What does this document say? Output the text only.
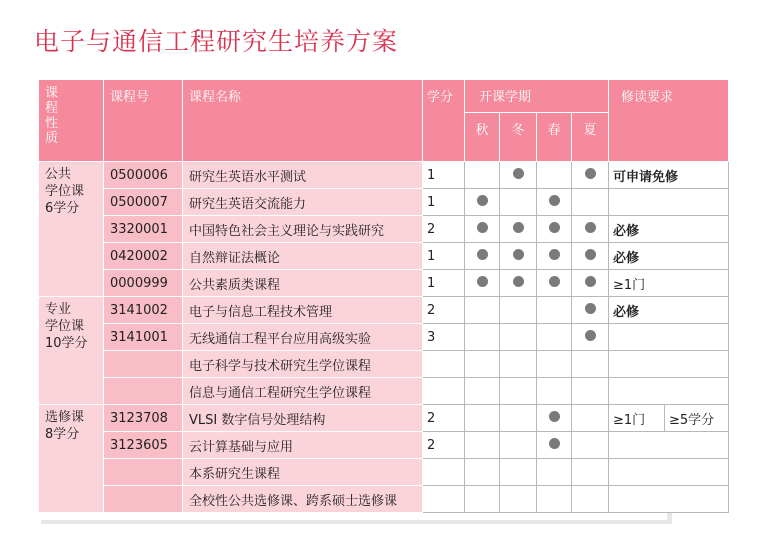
电子与通信工程研究生培养方案
课
程
性
质	课程号	课程名称	学分	开课学期				修读要求	
				秋	冬	春	夏		
公共
学位课
6学分	0500006	研究生英语水平测试	1					可申请免修	
	0500007	研究生英语交流能力	1						
	3320001	中国特色社会主义理论与实践研究	2					必修	
	0420002	自然辩证法概论	1					必修	
	0000999	公共素质类课程	1					≥1门	
专业
学位课
10学分	3141002	电子与信息工程技术管理	2					必修	
	3141001	无线通信工程平台应用高级实验	3						
		电子科学与技术研究生学位课程							
		信息与通信工程研究生学位课程							
选修课
8学分	3123708	VLSI 数字信号处理结构	2					≥1门	≥5学分
	3123605	云计算基础与应用	2						
		本系研究生课程							
		全校性公共选修课、跨系硕士选修课							
